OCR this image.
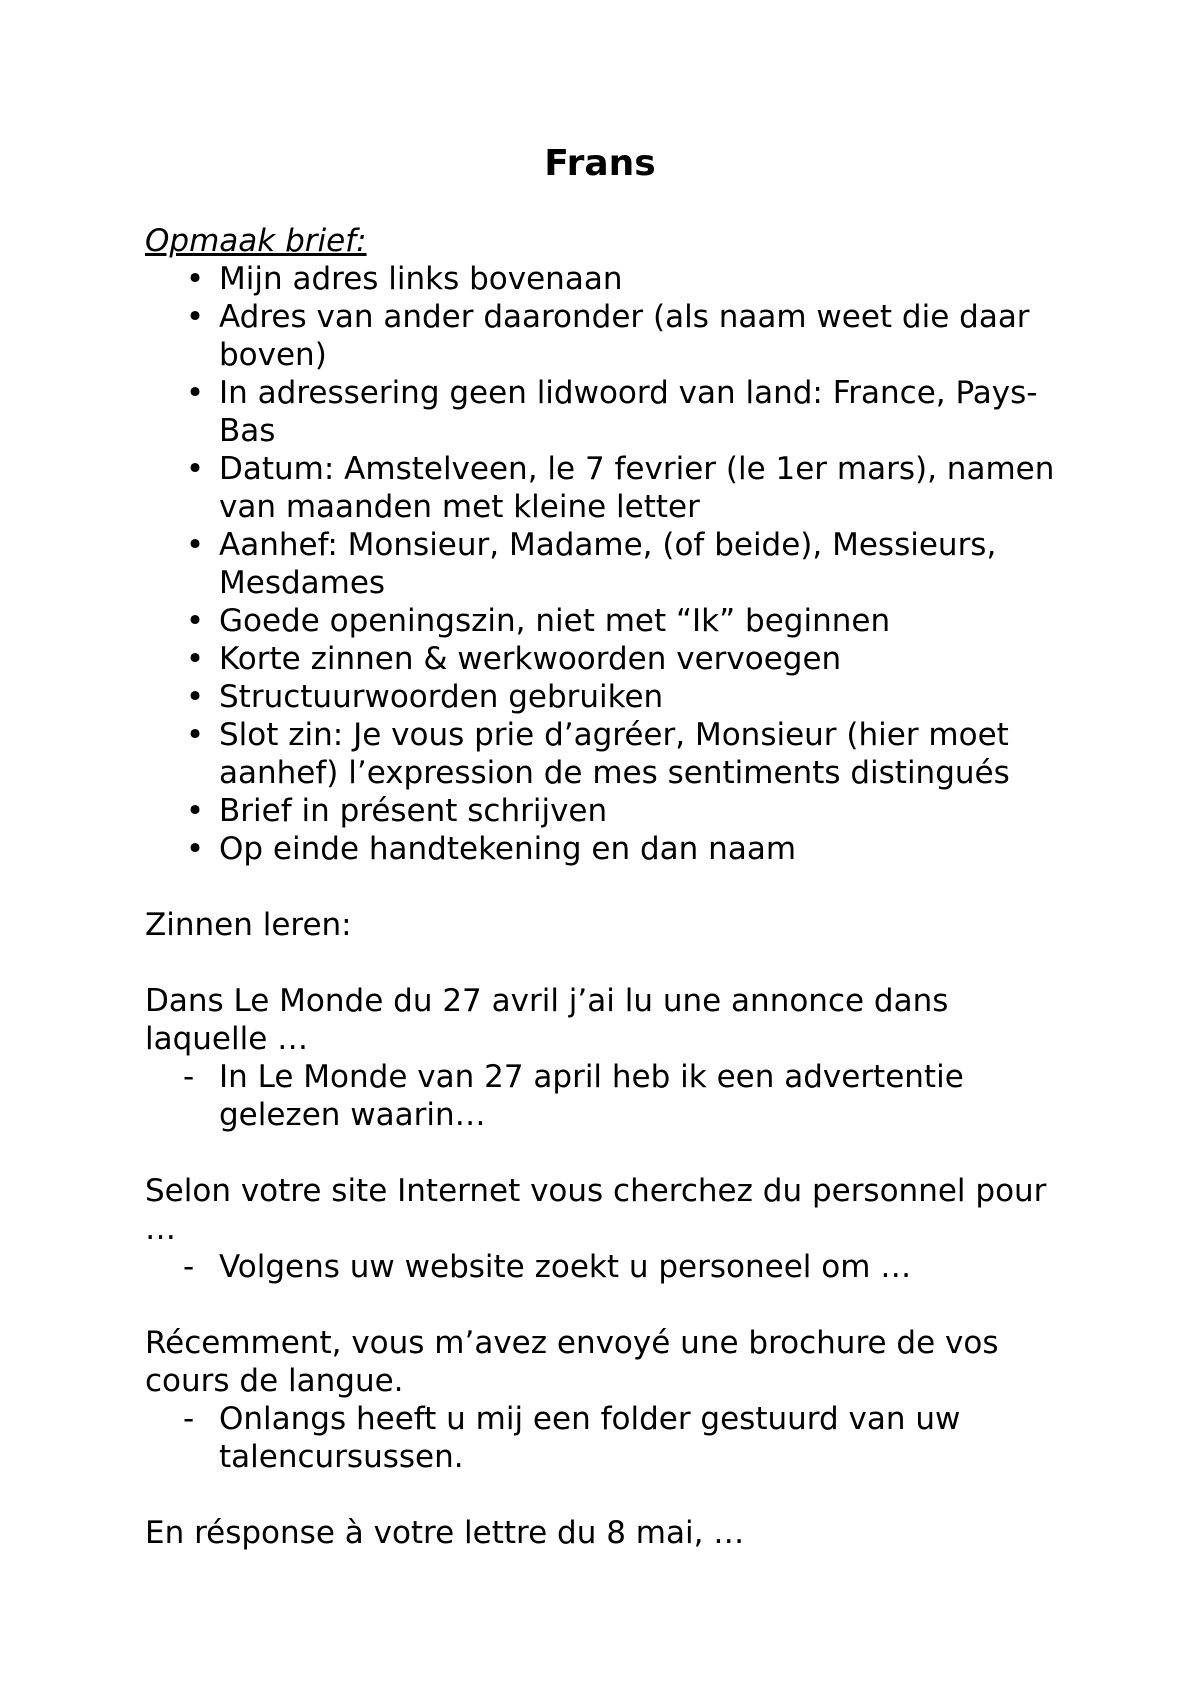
Frans

Opmaak brief:

• Mijn adres links bovenaan
• Adres van ander daaronder (als naam weet die daar boven)
• In adressering geen lidwoord van land: France, Pays-Bas
• Datum: Amstelveen, le 7 fevrier (le 1er mars), namen van maanden met kleine letter
• Aanhef: Monsieur, Madame, (of beide), Messieurs, Mesdames
• Goede openingszin, niet met “Ik” beginnen
• Korte zinnen & werkwoorden vervoegen
• Structuurwoorden gebruiken
• Slot zin: Je vous prie d’agréer, Monsieur (hier moet aanhef) l’expression de mes sentiments distingués
• Brief in présent schrijven
• Op einde handtekening en dan naam

Zinnen leren:

Dans Le Monde du 27 avril j’ai lu une annonce dans laquelle …

- In Le Monde van 27 april heb ik een advertentie gelezen waarin…

Selon votre site Internet vous cherchez du personnel pour …

- Volgens uw website zoekt u personeel om …

Récemment, vous m’avez envoyé une brochure de vos cours de langue.

- Onlangs heeft u mij een folder gestuurd van uw talencursussen.

En résponse à votre lettre du 8 mai, …
